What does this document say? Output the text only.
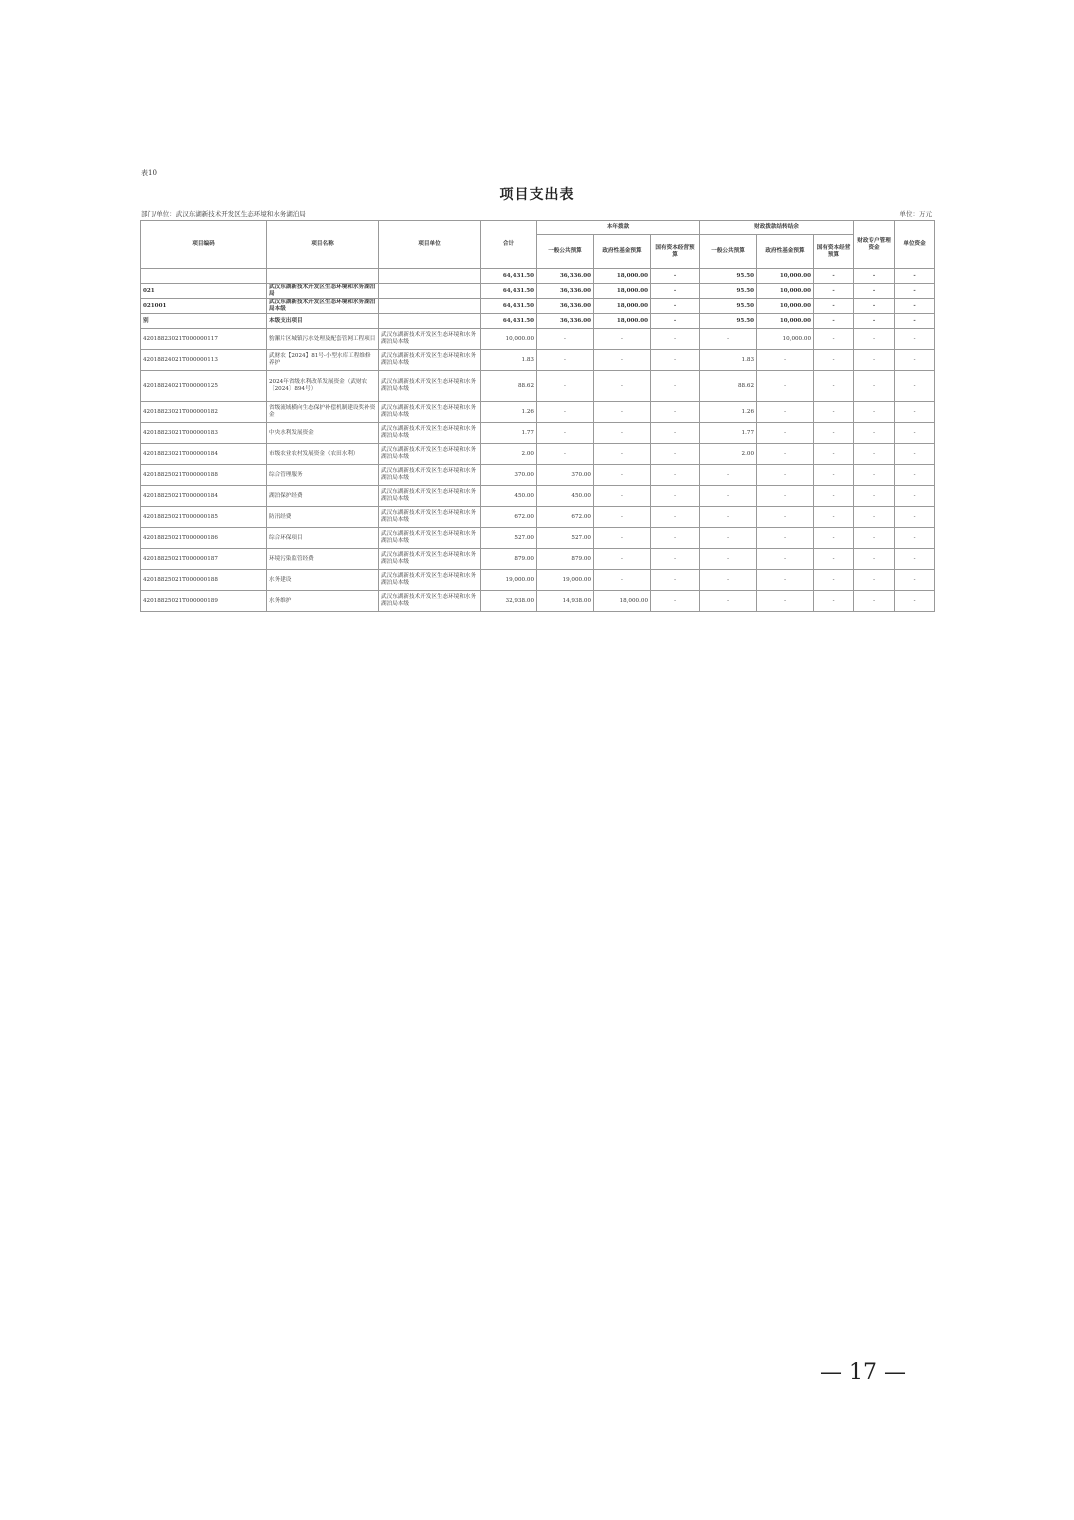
表10
项目支出表
部门/单位：武汉东湖新技术开发区生态环境和水务湖泊局	单位：万元
项目编码	项目名称	项目单位	合计	本年拨款			财政拨款结转结余			财政专户管理资金	单位资金
				一般公共预算	政府性基金预算	国有资本经营预算	一般公共预算	政府性基金预算	国有资本经营预算		
			64,431.50	36,336.00	18,000.00	-	95.50	10,000.00	-	-	-
021	武汉东湖新技术开发区生态环境和水务湖泊局		64,431.50	36,336.00	18,000.00	-	95.50	10,000.00	-	-	-
021001	武汉东湖新技术开发区生态环境和水务湖泊局本级		64,431.50	36,336.00	18,000.00	-	95.50	10,000.00	-	-	-
别	本级支出项目		64,431.50	36,336.00	18,000.00	-	95.50	10,000.00	-	-	-
42018823021T000000117	豹澥片区城镇污水处理及配套管网工程项目	武汉东湖新技术开发区生态环境和水务湖泊局本级	10,000.00	-	-	-	-	10,000.00	-	-	-
42018824021T000000113	武财农【2024】81号-小型水库工程维修养护	武汉东湖新技术开发区生态环境和水务湖泊局本级	1.83	-	-	-	1.83	-	-	-	-
42018824021T000000125	2024年省级水利改革发展资金（武财农〔2024〕894号）	武汉东湖新技术开发区生态环境和水务湖泊局本级	88.62	-	-	-	88.62	-	-	-	-
42018823021T000000182	省级流域横向生态保护补偿机制建设奖补资金	武汉东湖新技术开发区生态环境和水务湖泊局本级	1.26	-	-	-	1.26	-	-	-	-
42018823021T000000183	中央水利发展资金	武汉东湖新技术开发区生态环境和水务湖泊局本级	1.77	-	-	-	1.77	-	-	-	-
42018823021T000000184	市级农业农村发展资金（农田水利）	武汉东湖新技术开发区生态环境和水务湖泊局本级	2.00	-	-	-	2.00	-	-	-	-
42018825021T000000188	综合管理服务	武汉东湖新技术开发区生态环境和水务湖泊局本级	370.00	370.00	-	-	-	-	-	-	-
42018825021T000000184	湖泊保护经费	武汉东湖新技术开发区生态环境和水务湖泊局本级	450.00	450.00	-	-	-	-	-	-	-
42018825021T000000185	防汛经费	武汉东湖新技术开发区生态环境和水务湖泊局本级	672.00	672.00	-	-	-	-	-	-	-
42018825021T000000186	综合环保项目	武汉东湖新技术开发区生态环境和水务湖泊局本级	527.00	527.00	-	-	-	-	-	-	-
42018825021T000000187	环境污染监管经费	武汉东湖新技术开发区生态环境和水务湖泊局本级	879.00	879.00	-	-	-	-	-	-	-
42018825021T000000188	水务建设	武汉东湖新技术开发区生态环境和水务湖泊局本级	19,000.00	19,000.00	-	-	-	-	-	-	-
42018825021T000000189	水务维护	武汉东湖新技术开发区生态环境和水务湖泊局本级	32,938.00	14,938.00	18,000.00	-	-	-	-	-	-
— 17 —
